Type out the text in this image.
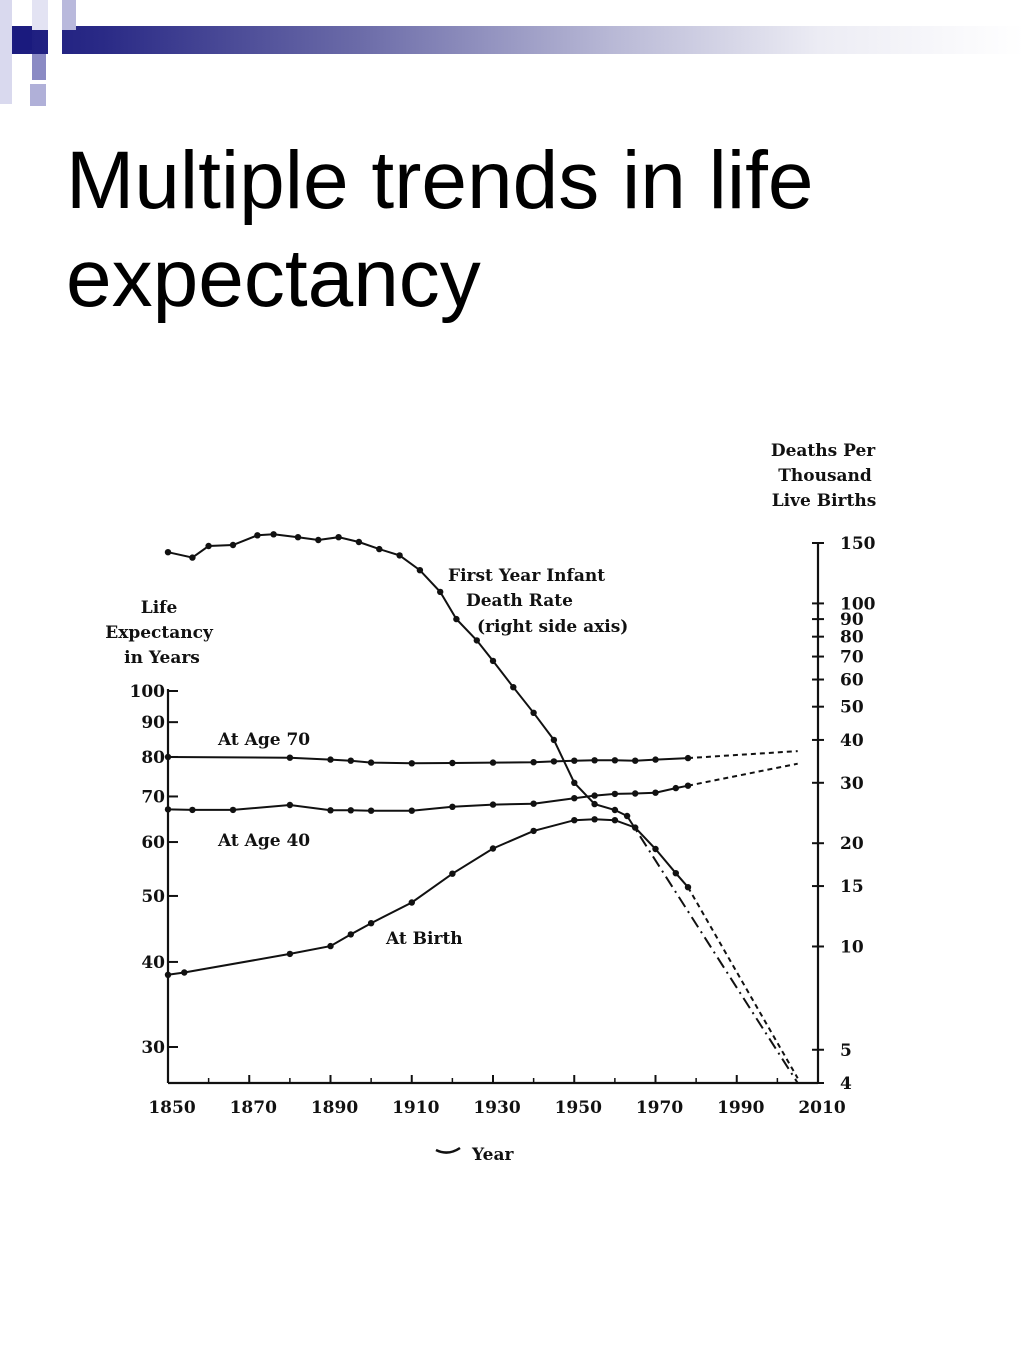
Multiple trends in life
expectancy
30
40
50
60
70
80
90
100
4
5
10
15
20
30
40
50
60
70
80
90
100
150
1850 1870 1890 1910 1930 1950 1970 1990 2010
Life Expectancy in Years
Deaths Per Thousand Live Births
First Year Infant Death Rate (right side axis)
At Age 70
At Age 40
At Birth
Year
